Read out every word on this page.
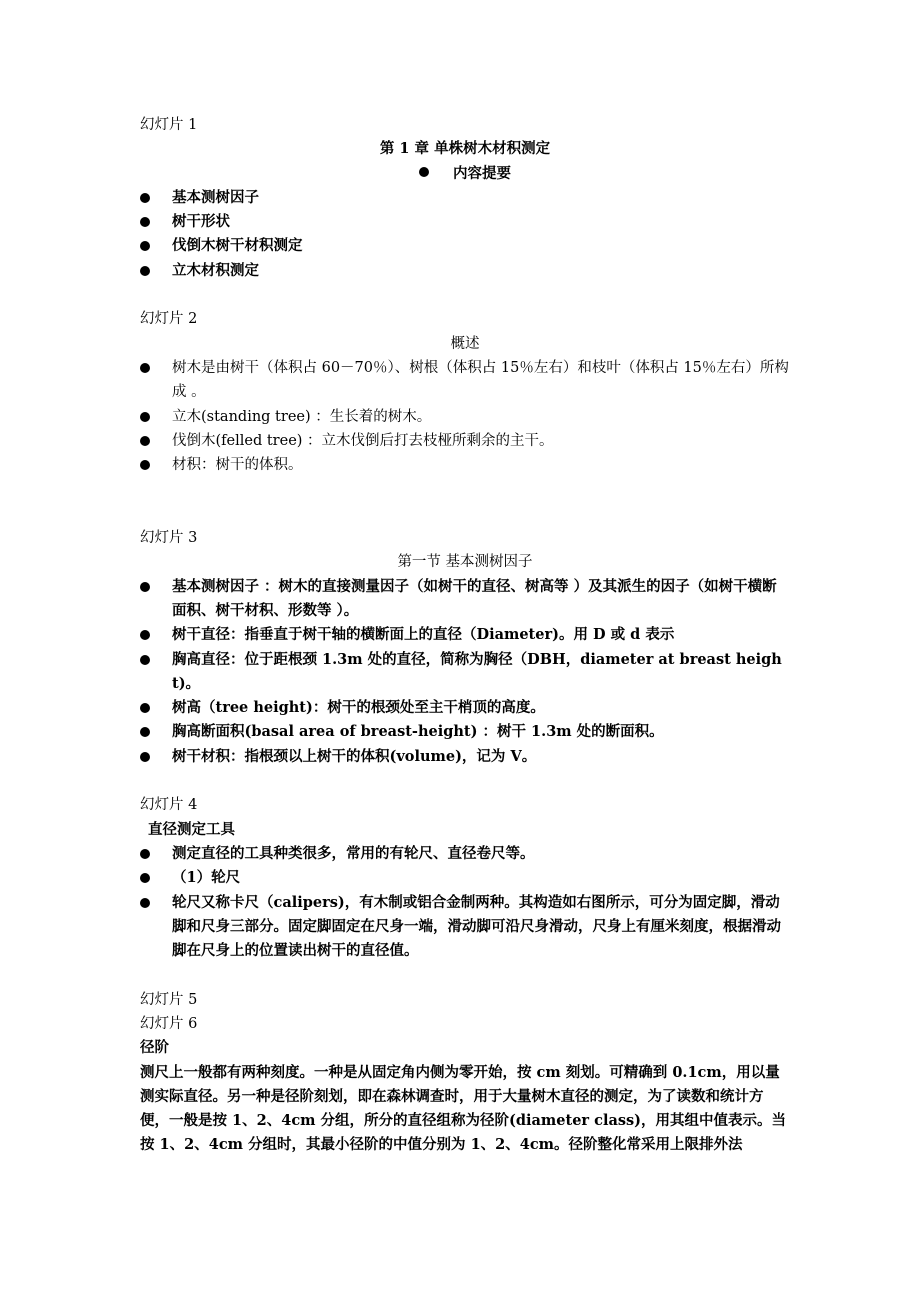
幻灯片 1

第 1 章 单株树木材积测定

内容提要

基本测树因子
树干形状
伐倒木树干材积测定
立木材积测定

幻灯片 2

概述

树木是由树干（体积占 60－70％）、树根（体积占 15％左右）和枝叶（体积占 15％左右）所构成 。
立木(standing tree) ：生长着的树木。
伐倒木(felled tree) ：立木伐倒后打去枝桠所剩余的主干。
材积：树干的体积。

幻灯片 3

第一节 基本测树因子

基本测树因子 ：树木的直接测量因子（如树干的直径、树高等 ）及其派生的因子（如树干横断面积、树干材积、形数等 ）。
树干直径：指垂直于树干轴的横断面上的直径（Diameter)。用 D 或 d 表示
胸高直径：位于距根颈 1.3m 处的直径，简称为胸径（DBH，diameter at breast height)。
树高（tree height)：树干的根颈处至主干梢顶的高度。
胸高断面积(basal area of breast-height) ：树干 1.3m 处的断面积。
树干材积：指根颈以上树干的体积(volume)，记为 V。

幻灯片 4

直径测定工具

测定直径的工具种类很多，常用的有轮尺、直径卷尺等。
（1）轮尺
轮尺又称卡尺（calipers)，有木制或铝合金制两种。其构造如右图所示，可分为固定脚，滑动脚和尺身三部分。固定脚固定在尺身一端，滑动脚可沿尺身滑动，尺身上有厘米刻度，根据滑动脚在尺身上的位置读出树干的直径值。

幻灯片 5

幻灯片 6

径阶

测尺上一般都有两种刻度。一种是从固定角内侧为零开始，按 cm 刻划。可精确到 0.1cm，用以量测实际直径。另一种是径阶刻划，即在森林调查时，用于大量树木直径的测定，为了读数和统计方便，一般是按 1、2、4cm 分组，所分的直径组称为径阶(diameter class)，用其组中值表示。当按 1、2、4cm 分组时，其最小径阶的中值分别为 1、2、4cm。径阶整化常采用上限排外法
